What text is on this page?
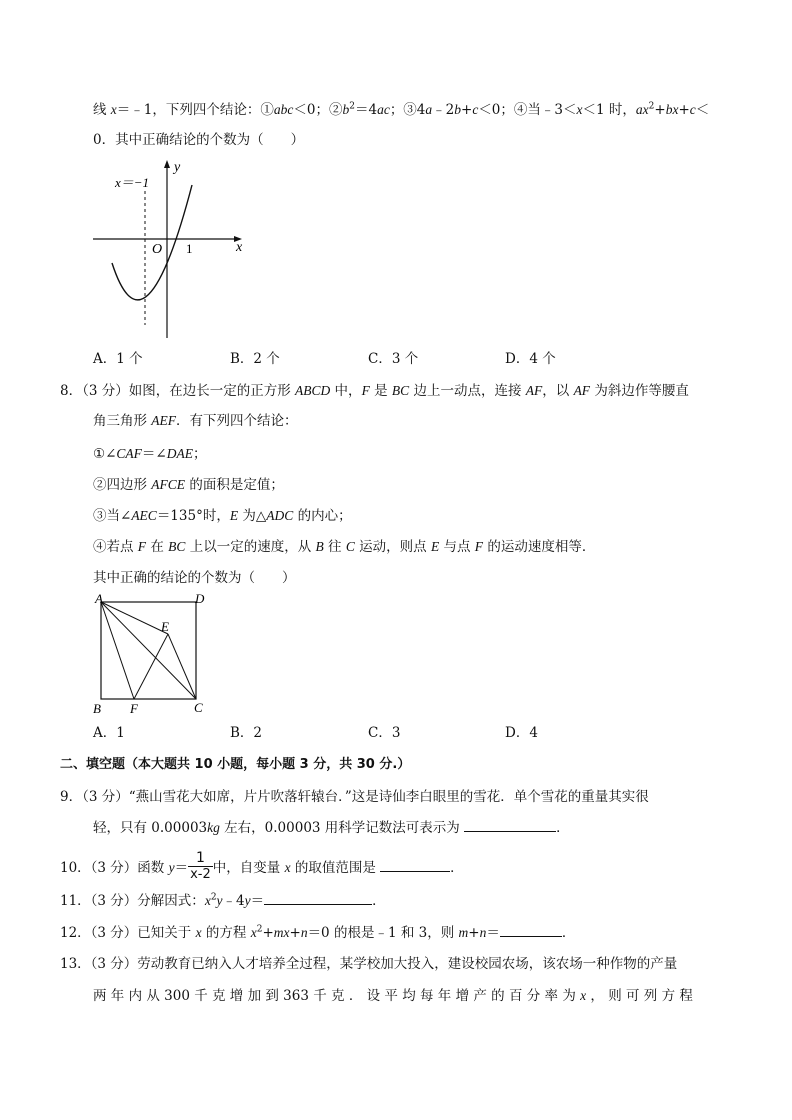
线 x＝﹣1，下列四个结论：①abc＜0；$②b^2=4ac$；③4a﹣2b+c＜0；④当﹣3＜x＜1 时，$ax^2+bx+c<$
0．其中正确结论的个数为（　　）
x＝−1
y
x
O 1
A．1 个	B．2 个	C．3 个	D．4 个
8．（3 分）如图，在边长一定的正方形 ABCD 中，F 是 BC 边上一动点，连接 AF，以 AF 为斜边作等腰直
角三角形 AEF．有下列四个结论：
①∠CAF＝∠DAE；
②四边形 AFCE 的面积是定值；
③当∠AEC＝135°时，E 为△ADC 的内心；
④若点 F 在 BC 上以一定的速度，从 B 往 C 运动，则点 E 与点 F 的运动速度相等．
其中正确的结论的个数为（　　）
A	D
E
B F	C
A．1	B．2	C．3	D．4
二、填空题（本大题共 10 小题，每小题 3 分，共 30 分.）
9．（3 分）“燕山雪花大如席，片片吹落轩辕台．”这是诗仙李白眼里的雪花．单个雪花的重量其实很
轻，只有 0.00003kg 左右，0.00003 用科学记数法可表示为	．
10．（3 分）函数 $y= \frac{1}{x-2}$ 中，自变量 x 的取值范围是	．
11．（3 分）分解因式：$x^2y﹣4y=$	．
12．（3 分）已知关于 x 的方程 $x^2+mx+n=0$ 的根是﹣1 和 3，则 m+n＝	．
13．（3 分）劳动教育已纳入人才培养全过程，某学校加大投入，建设校园农场，该农场一种作物的产量
两 年 内 从 300 千 克 增 加 到 363 千 克 ． 设 平 均 每 年 增 产 的 百 分 率 为 x ， 则 可 列 方 程
